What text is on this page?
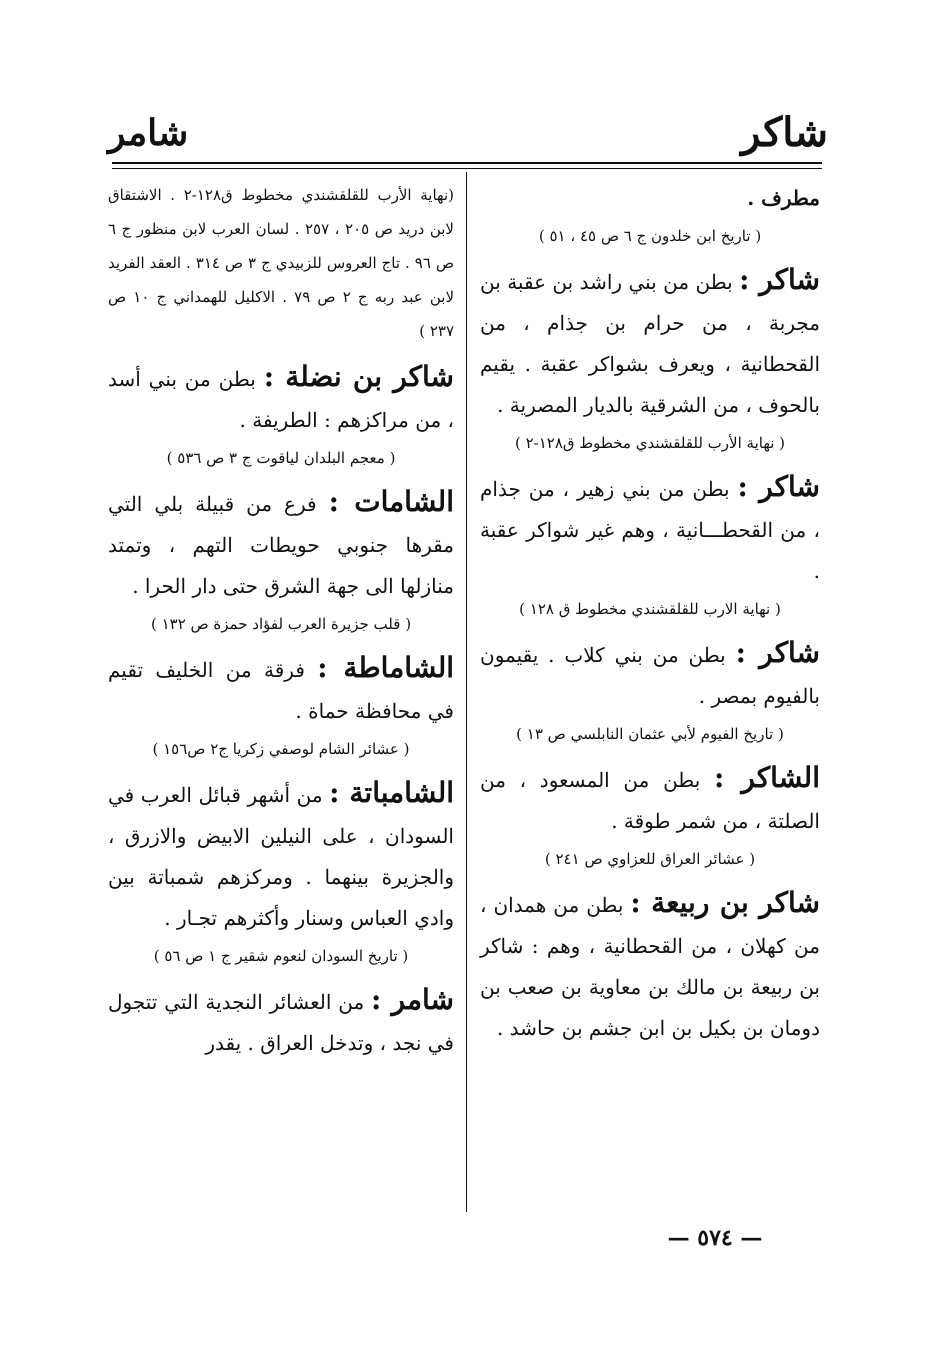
شاكر
شامر

مطرف .

( تاريخ ابن خلدون ج ٦ ص ٤٥ ، ٥١ )

شاكر : بطن من بني راشد بن عقبة بن مجربة ، من حرام بن جذام ، من القحطانية ، ويعرف بشواكر عقبة . يقيم بالحوف ، من الشرقية بالديار المصرية .

( نهاية الأرب للقلقشندي مخطوط ق١٢٨-٢ )

شاكر : بطن من بني زهير ، من جذام ، من القحطـــانية ، وهم غير شواكر عقبة .

( نهاية الارب للقلقشندي مخطوط ق ١٢٨ )

شاكر : بطن من بني كلاب . يقيمون بالفيوم بمصر .

( تاريخ الفيوم لأبي عثمان النابلسي ص ١٣ )

الشاكر : بطن من المسعود ، من الصلتة ، من شمر طوقة .

( عشائر العراق للعزاوي ص ٢٤١ )

شاكر بن ربيعة : بطن من همدان ، من كهلان ، من القحطانية ، وهم : شاكر بن ربيعة بن مالك بن معاوية بن صعب بن دومان بن بكيل بن ابن جشم بن حاشد .

(نهاية الأرب للقلقشندي مخطوط ق١٢٨-٢ . الاشتقاق لابن دريد ص ٢٠٥ ، ٢٥٧ . لسان العرب لابن منظور ج ٦ ص ٩٦ . تاج العروس للزبيدي ج ٣ ص ٣١٤ . العقد الفريد لابن عبد ربه ج ٢ ص ٧٩ . الاكليل للهمداني ج ١٠ ص ٢٣٧ )

شاكر بن نضلة : بطن من بني أسد ، من مراكزهم : الطريفة .

( معجم البلدان لياقوت ج ٣ ص ٥٣٦ )

الشامات : فرع من قبيلة بلي التي مقرها جنوبي حويطات التهم ، وتمتد منازلها الى جهة الشرق حتى دار الحرا .

( قلب جزيرة العرب لفؤاد حمزة ص ١٣٢ )

الشاماطة : فرقة من الخليف تقيم في محافظة حماة .

( عشائر الشام لوصفي زكريا ج٢ ص١٥٦ )

الشامباتة : من أشهر قبائل العرب في السودان ، على النيلين الابيض والازرق ، والجزيرة بينهما . ومركزهم شمباتة بين وادي العباس وسنار وأكثرهم تجـار .

( تاريخ السودان لنعوم شقير ج ١ ص ٥٦ )

شامر : من العشائر النجدية التي تتجول في نجد ، وتدخل العراق . يقدر

— ٥٧٤ —
